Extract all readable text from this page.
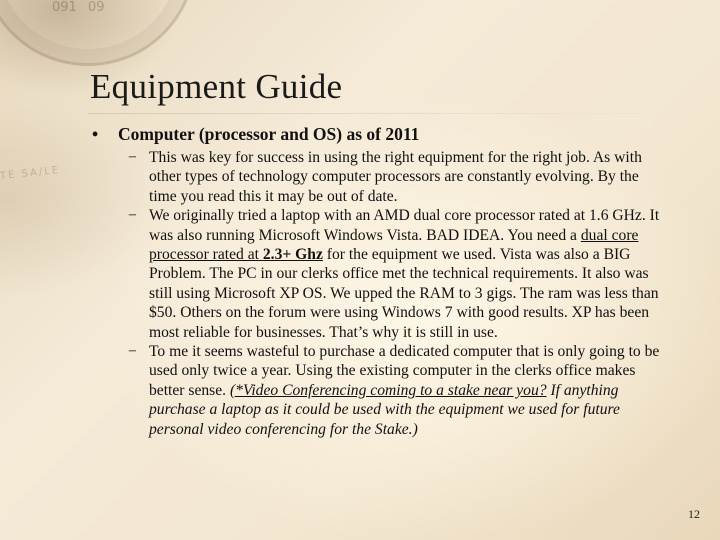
091 09
TE SA/LE
Equipment Guide
•	Computer (processor and OS) as of 2011
− This was key for success in using the right equipment for the right job. As with other types of technology computer processors are constantly evolving. By the time you read this it may be out of date.
− We originally tried a laptop with an AMD dual core processor rated at 1.6 GHz. It was also running Microsoft Windows Vista. BAD IDEA. You need a dual core processor rated at 2.3+ Ghz for the equipment we used. Vista was also a BIG Problem. The PC in our clerks office met the technical requirements. It also was still using Microsoft XP OS. We upped the RAM to 3 gigs. The ram was less than $50. Others on the forum were using Windows 7 with good results. XP has been most reliable for businesses. That’s why it is still in use.
− To me it seems wasteful to purchase a dedicated computer that is only going to be used only twice a year. Using the existing computer in the clerks office makes better sense. (*Video Conferencing coming to a stake near you? If anything purchase a laptop as it could be used with the equipment we used for future personal video conferencing for the Stake.)
12
